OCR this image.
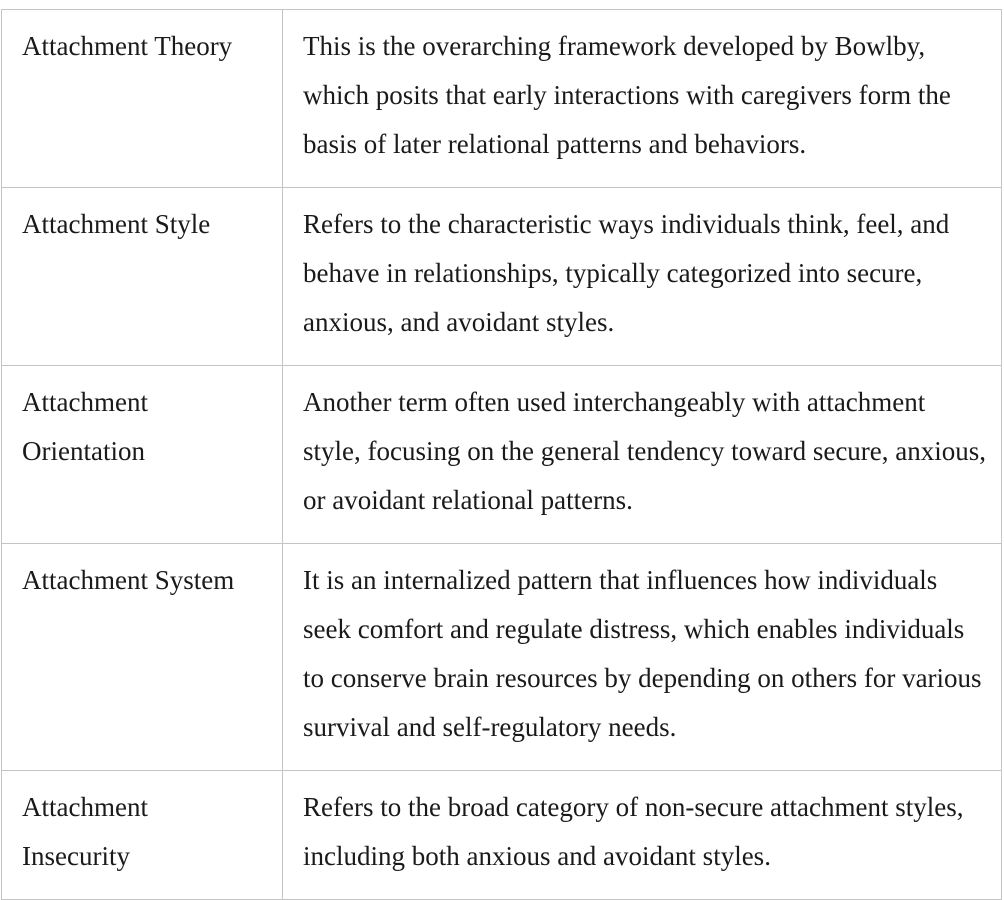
Attachment Theory	This is the overarching framework developed by Bowlby, which posits that early interactions with caregivers form the basis of later relational patterns and behaviors.
Attachment Style	Refers to the characteristic ways individuals think, feel, and behave in relationships, typically categorized into secure, anxious, and avoidant styles.
Attachment Orientation	Another term often used interchangeably with attachment style, focusing on the general tendency toward secure, anxious, or avoidant relational patterns.
Attachment System	It is an internalized pattern that influences how individuals seek comfort and regulate distress, which enables individuals to conserve brain resources by depending on others for various survival and self-regulatory needs.
Attachment Insecurity	Refers to the broad category of non-secure attachment styles, including both anxious and avoidant styles.
